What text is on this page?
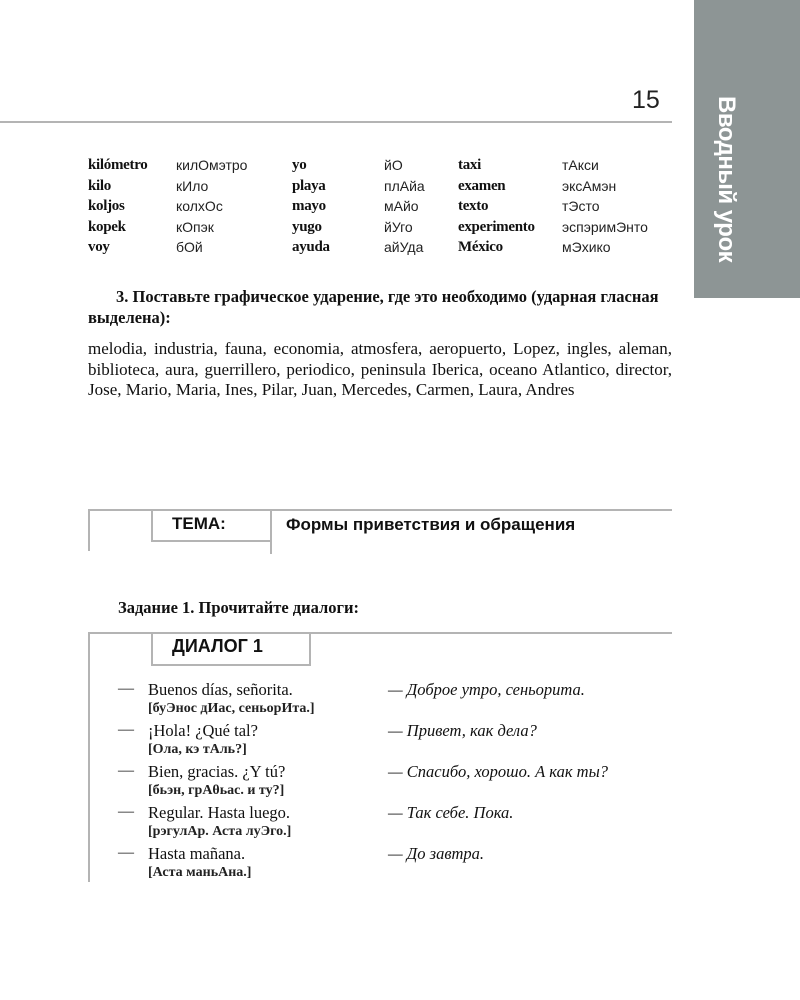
15	Вводный урок
kilómetro	килОмэтро	yo	йО	taxi	тАкси
kilo	кИло	playa	плАйа	examen	эксАмэн
koljos	колхОс	mayo	мАйо	texto	тЭсто
kopek	кОпэк	yugo	йУго	experimento	эспэримЭнто
voy	бОй	ayuda	айУда	México	мЭхико
3. Поставьте графическое ударение, где это необходимо (ударная гласная выделена):
melodia, industria, fauna, economia, atmosfera, aeropuerto, Lopez, ingles, aleman, biblioteca, aura, guerrillero, periodico, peninsula Iberica, oceano Atlantico, director, Jose, Mario, Maria, Ines, Pilar, Juan, Mercedes, Carmen, Laura, Andres
ТЕМА:	Формы приветствия и обращения
Задание 1. Прочитайте диалоги:
ДИАЛОГ 1
— Buenos días, señorita.
[буЭнос дИас, сеньорИта.]
— Доброе утро, сеньорита.
— ¡Hola! ¿Qué tal?
[Ола, кэ тАль?]
— Привет, как дела?
— Bien, gracias. ¿Y tú?
[бьэн, грАθьас. и ту?]
— Спасибо, хорошо. А как ты?
— Regular. Hasta luego.
[рэгулАр. Аста луЭго.]
— Так себе. Пока.
— Hasta mañana.
[Аста маньAна.]
— До завтра.
